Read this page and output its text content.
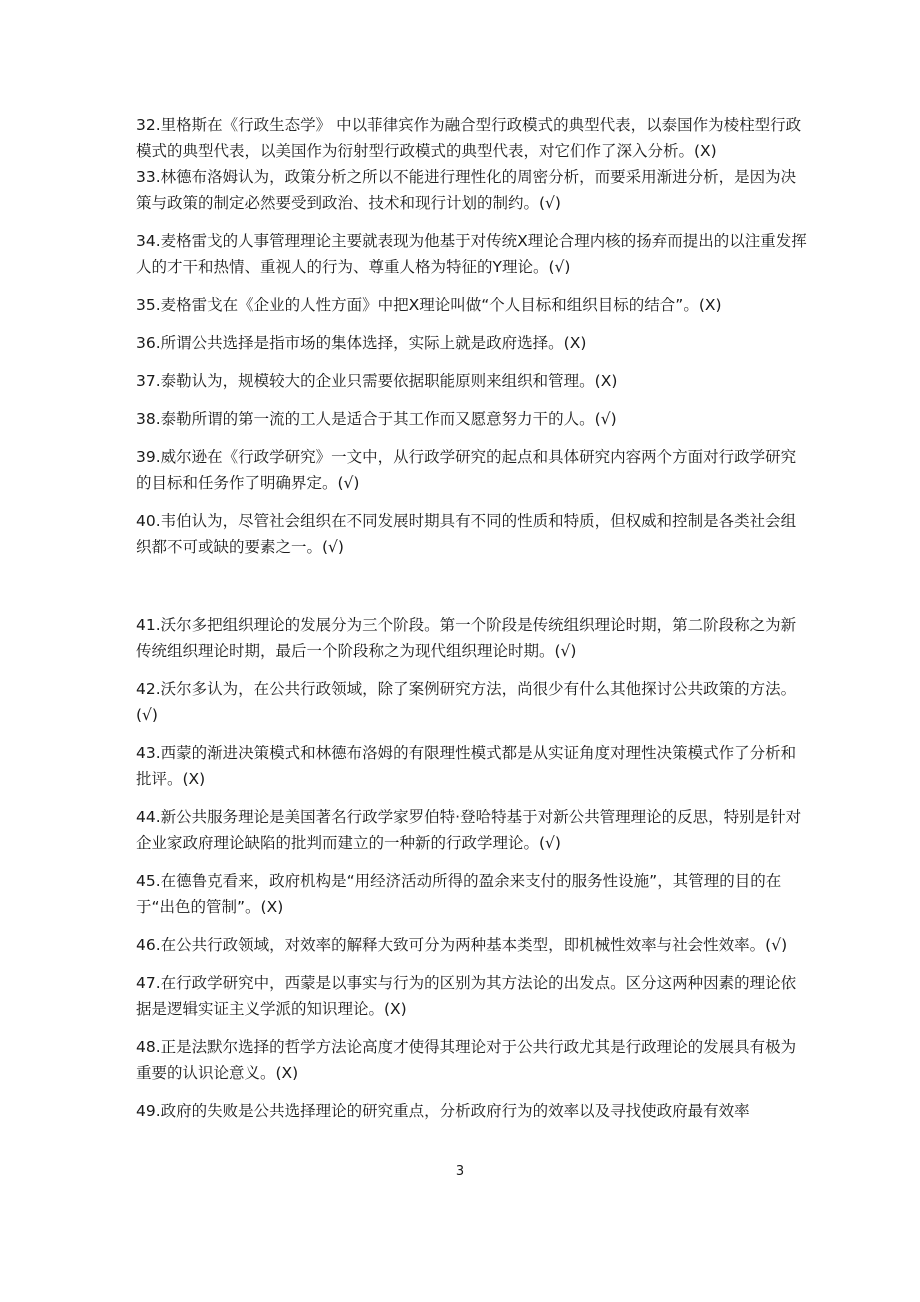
32.里格斯在《行政生态学》 中以菲律宾作为融合型行政模式的典型代表，以泰国作为棱柱型行政模式的典型代表，以美国作为衍射型行政模式的典型代表，对它们作了深入分析。(X)

33.林德布洛姆认为，政策分析之所以不能进行理性化的周密分析，而要采用渐进分析，是因为决策与政策的制定必然要受到政治、技术和现行计划的制约。(√)

34.麦格雷戈的人事管理理论主要就表现为他基于对传统X理论合理内核的扬弃而提出的以注重发挥人的才干和热情、重视人的行为、尊重人格为特征的Y理论。(√)

35.麦格雷戈在《企业的人性方面》中把X理论叫做“个人目标和组织目标的结合”。(X)

36.所谓公共选择是指市场的集体选择，实际上就是政府选择。(X)

37.泰勒认为，规模较大的企业只需要依据职能原则来组织和管理。(X)

38.泰勒所谓的第一流的工人是适合于其工作而又愿意努力干的人。(√)

39.威尔逊在《行政学研究》一文中，从行政学研究的起点和具体研究内容两个方面对行政学研究的目标和任务作了明确界定。(√)

40.韦伯认为，尽管社会组织在不同发展时期具有不同的性质和特质，但权威和控制是各类社会组织都不可或缺的要素之一。(√)

41.沃尔多把组织理论的发展分为三个阶段。第一个阶段是传统组织理论时期，第二阶段称之为新传统组织理论时期，最后一个阶段称之为现代组织理论时期。(√)

42.沃尔多认为，在公共行政领域，除了案例研究方法，尚很少有什么其他探讨公共政策的方法。(√)

43.西蒙的渐进决策模式和林德布洛姆的有限理性模式都是从实证角度对理性决策模式作了分析和批评。(X)

44.新公共服务理论是美国著名行政学家罗伯特·登哈特基于对新公共管理理论的反思，特别是针对企业家政府理论缺陷的批判而建立的一种新的行政学理论。(√)

45.在德鲁克看来，政府机构是“用经济活动所得的盈余来支付的服务性设施”，其管理的目的在于“出色的管制”。(X)

46.在公共行政领域，对效率的解释大致可分为两种基本类型，即机械性效率与社会性效率。(√)

47.在行政学研究中，西蒙是以事实与行为的区别为其方法论的出发点。区分这两种因素的理论依据是逻辑实证主义学派的知识理论。(X)

48.正是法默尔选择的哲学方法论高度才使得其理论对于公共行政尤其是行政理论的发展具有极为重要的认识论意义。(X)

49.政府的失败是公共选择理论的研究重点，分析政府行为的效率以及寻找使政府最有效率

3
